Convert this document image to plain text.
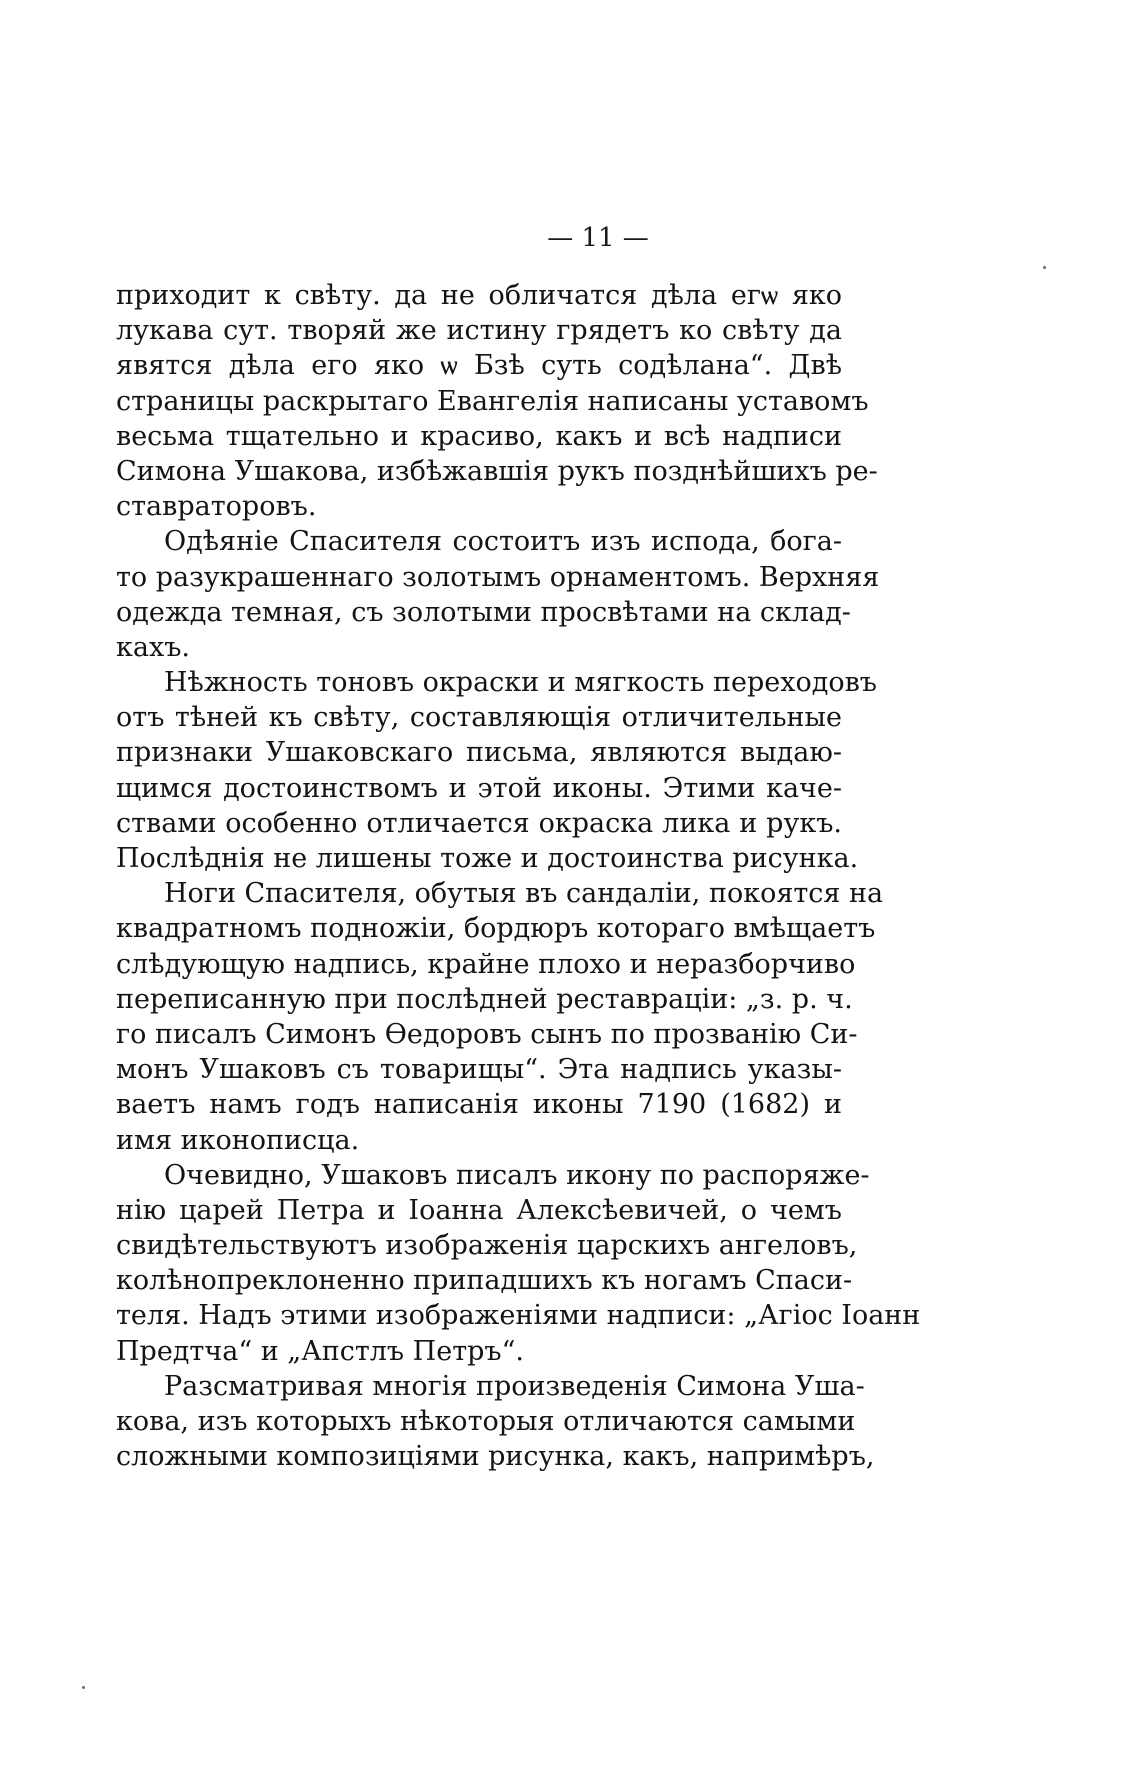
— 11 —

приходит к свѣту. да не обличатся дѣла егѡ яко
лукава сут. творяй же истину грядетъ ко свѣту да
явятся дѣла его яко ѡ Бзѣ суть содѣлана“. Двѣ
страницы раскрытаго Евангелія написаны уставомъ
весьма тщательно и красиво, какъ и всѣ надписи
Симона Ушакова, избѣжавшія рукъ позднѣйшихъ ре-
ставраторовъ.

Одѣяніе Спасителя состоитъ изъ испода, бога-
то разукрашеннаго золотымъ орнаментомъ. Верхняя
одежда темная, съ золотыми просвѣтами на склад-
кахъ.

Нѣжность тоновъ окраски и мягкость переходовъ
отъ тѣней къ свѣту, составляющія отличительные
признаки Ушаковскаго письма, являются выдаю-
щимся достоинствомъ и этой иконы. Этими каче-
ствами особенно отличается окраска лика и рукъ.
Послѣднія не лишены тоже и достоинства рисунка.

Ноги Спасителя, обутыя въ сандаліи, покоятся на
квадратномъ подножіи, бордюръ котораго вмѣщаетъ
слѣдующую надпись, крайне плохо и неразборчиво
переписанную при послѣдней реставраціи: „з. р. ч.
го писалъ Симонъ Ѳедоровъ сынъ по прозванію Си-
монъ Ушаковъ съ товарищы“. Эта надпись указы-
ваетъ намъ годъ написанія иконы 7190 (1682) и
имя иконописца.

Очевидно, Ушаковъ писалъ икону по распоряже-
нію царей Петра и Іоанна Алексѣевичей, о чемъ
свидѣтельствуютъ изображенія царскихъ ангеловъ,
колѣнопреклоненно припадшихъ къ ногамъ Спаси-
теля. Надъ этими изображеніями надписи: „Агіос Іоанн
Предтча“ и „Апстлъ Петръ“.

Разсматривая многія произведенія Симона Уша-
кова, изъ которыхъ нѣкоторыя отличаются самыми
сложными композиціями рисунка, какъ, напримѣръ,
